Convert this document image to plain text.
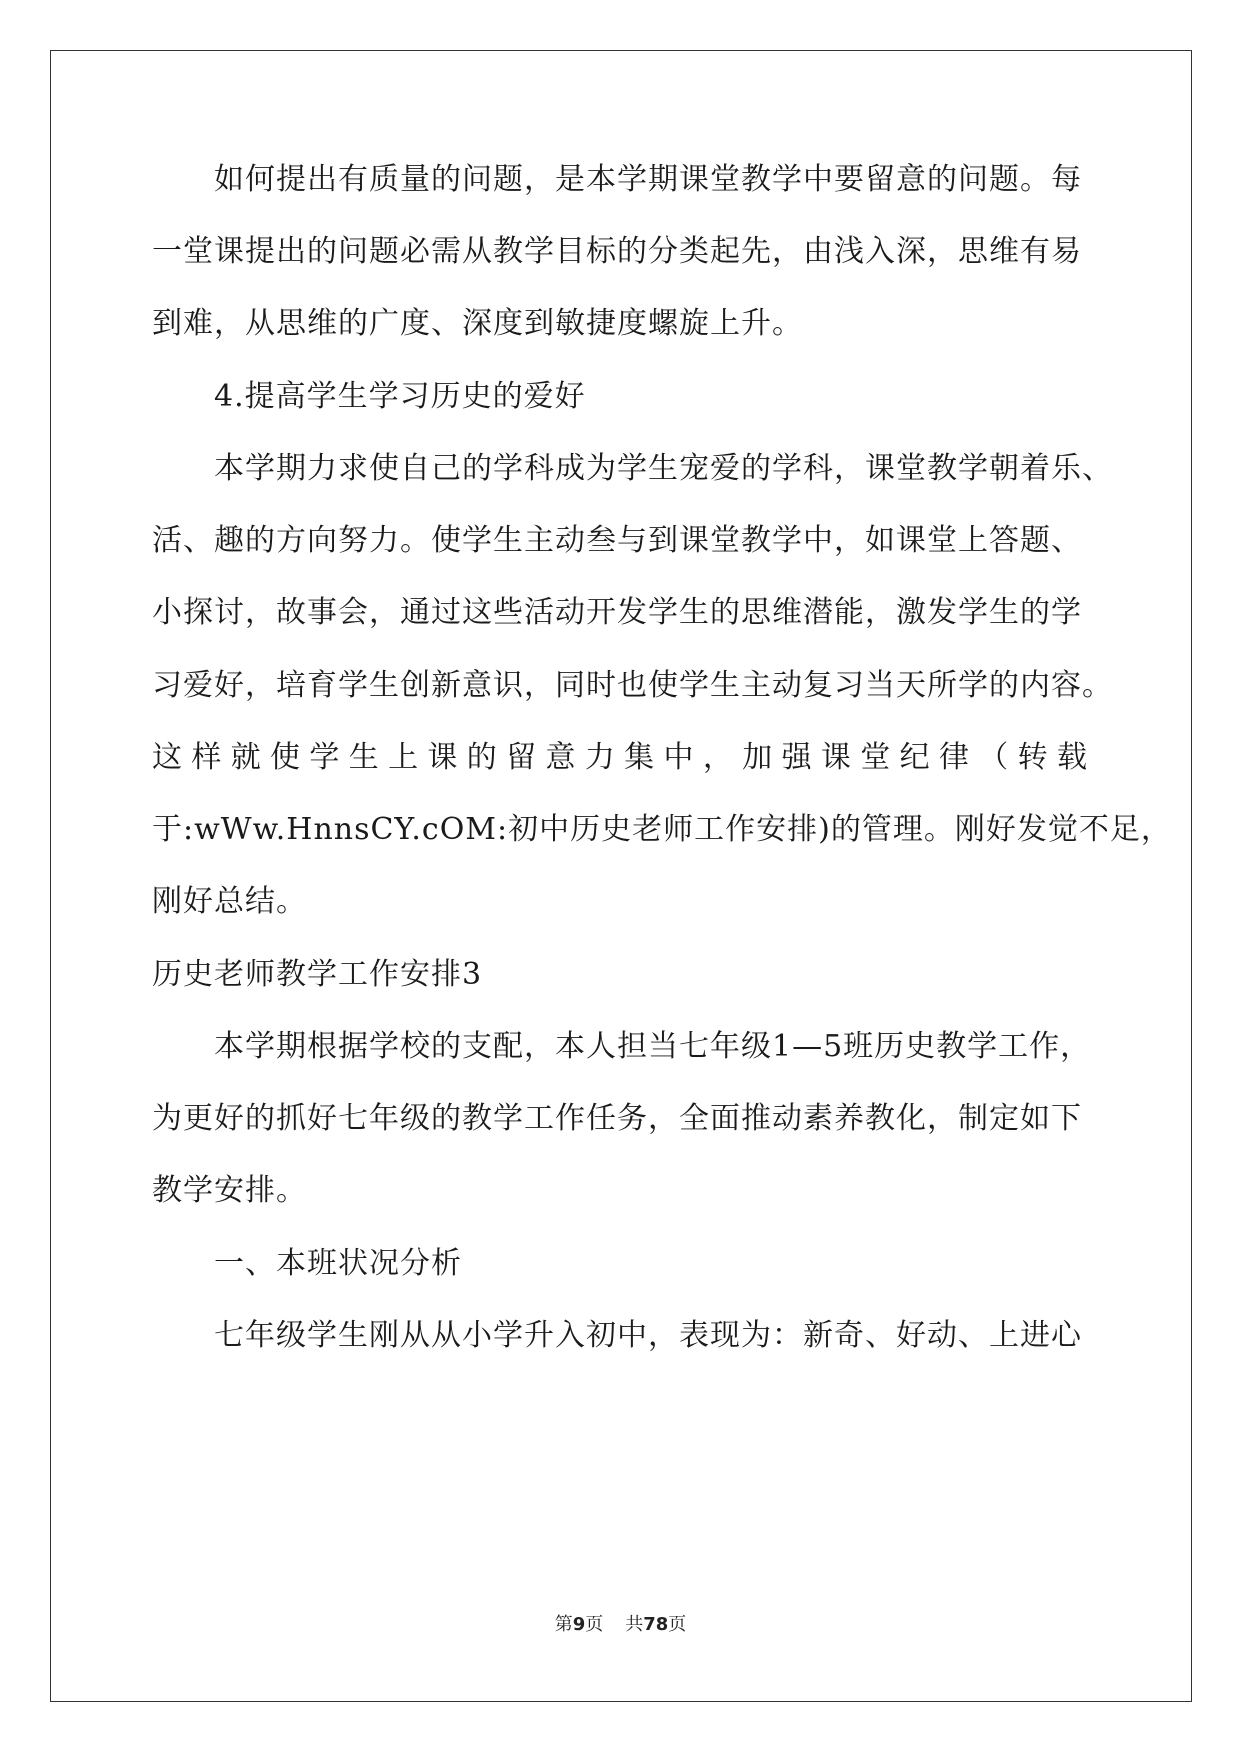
　　如何提出有质量的问题，是本学期课堂教学中要留意的问题。每
一堂课提出的问题必需从教学目标的分类起先，由浅入深，思维有易
到难，从思维的广度、深度到敏捷度螺旋上升。
　　4.提高学生学习历史的爱好
　　本学期力求使自己的学科成为学生宠爱的学科，课堂教学朝着乐、
活、趣的方向努力。使学生主动叁与到课堂教学中，如课堂上答题、
小探讨，故事会，通过这些活动开发学生的思维潜能，激发学生的学
习爱好，培育学生创新意识，同时也使学生主动复习当天所学的内容。
这样就使学生上课的留意力集中，加强课堂纪律（转载
于:wWw.HnnsCY.cOM:初中历史老师工作安排)的管理。刚好发觉不足，
刚好总结。
历史老师教学工作安排3
　　本学期根据学校的支配，本人担当七年级1—5班历史教学工作，
为更好的抓好七年级的教学工作任务，全面推动素养教化，制定如下
教学安排。
　　一、本班状况分析
　　七年级学生刚从从小学升入初中，表现为：新奇、好动、上进心
第9页 共78页
